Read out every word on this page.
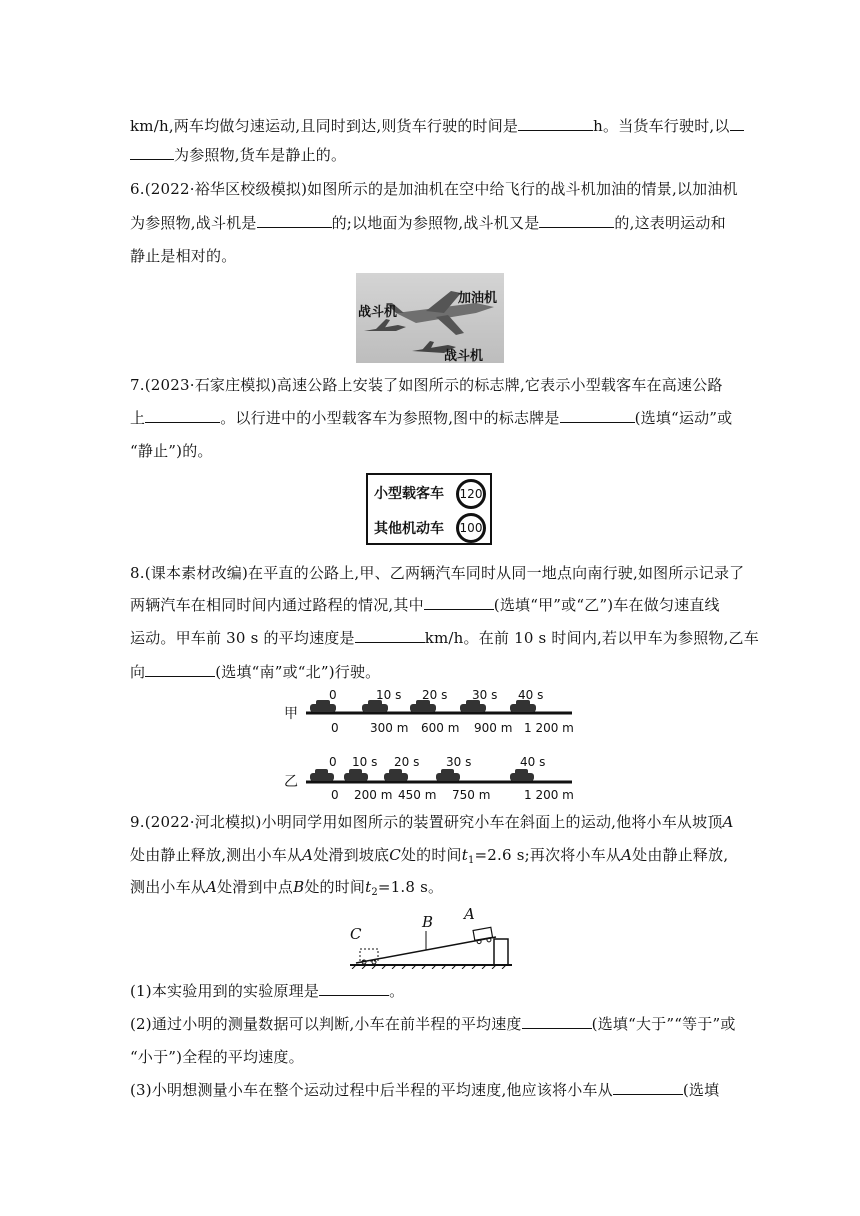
km/h,两车均做匀速运动,且同时到达,则货车行驶的时间是	h。当货车行驶时,以
为参照物,货车是静止的。
6.(2022·裕华区校级模拟)如图所示的是加油机在空中给飞行的战斗机加油的情景,以加油机
为参照物,战斗机是	的;以地面为参照物,战斗机又是	的,这表明运动和
静止是相对的。
加油机
战斗机
战斗机
7.(2023·石家庄模拟)高速公路上安装了如图所示的标志牌,它表示小型载客车在高速公路
上	。以行进中的小型载客车为参照物,图中的标志牌是	(选填“运动”或
“静止”)的。
小型载客车 120
其他机动车 100
8.(课本素材改编)在平直的公路上,甲、乙两辆汽车同时从同一地点向南行驶,如图所示记录了
两辆汽车在相同时间内通过路程的情况,其中	(选填“甲”或“乙”)车在做匀速直线
运动。甲车前 30 s 的平均速度是	km/h。在前 10 s 时间内,若以甲车为参照物,乙车
向	(选填“南”或“北”)行驶。
甲
乙
0	10 s 20 s 30 s 40 s
0	300 m 600 m 900 m 1 200 m
0 10 s 20 s 30 s	40 s
0 200 m 450 m 750 m	1 200 m
9.(2022·河北模拟)小明同学用如图所示的装置研究小车在斜面上的运动,他将小车从坡顶A
处由静止释放,测出小车从A处滑到坡底C处的时间$t_1=2.6$ s;再次将小车从A处由静止释放,
测出小车从A处滑到中点B处的时间$t_2=1.8$ s。
C
B A
(1)本实验用到的实验原理是	。
(2)通过小明的测量数据可以判断,小车在前半程的平均速度	(选填“大于”“等于”或
“小于”)全程的平均速度。
(3)小明想测量小车在整个运动过程中后半程的平均速度,他应该将小车从	(选填
